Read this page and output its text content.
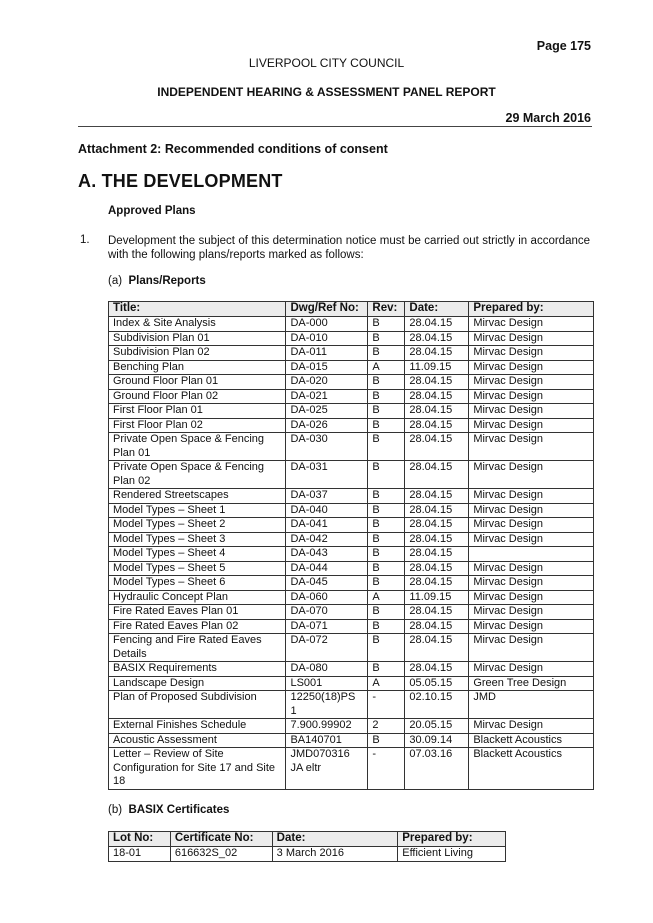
Page 175
LIVERPOOL CITY COUNCIL
INDEPENDENT HEARING & ASSESSMENT PANEL REPORT
29 March 2016
Attachment 2: Recommended conditions of consent
A. THE DEVELOPMENT
Approved Plans
1. Development the subject of this determination notice must be carried out strictly in accordance with the following plans/reports marked as follows:
(a) Plans/Reports
Title:	Dwg/Ref No:	Rev:	Date:	Prepared by:
Index & Site Analysis	DA-000	B	28.04.15	Mirvac Design
Subdivision Plan 01	DA-010	B	28.04.15	Mirvac Design
Subdivision Plan 02	DA-011	B	28.04.15	Mirvac Design
Benching Plan	DA-015	A	11.09.15	Mirvac Design
Ground Floor Plan 01	DA-020	B	28.04.15	Mirvac Design
Ground Floor Plan 02	DA-021	B	28.04.15	Mirvac Design
First Floor Plan 01	DA-025	B	28.04.15	Mirvac Design
First Floor Plan 02	DA-026	B	28.04.15	Mirvac Design
Private Open Space & Fencing Plan 01	DA-030	B	28.04.15	Mirvac Design
Private Open Space & Fencing Plan 02	DA-031	B	28.04.15	Mirvac Design
Rendered Streetscapes	DA-037	B	28.04.15	Mirvac Design
Model Types – Sheet 1	DA-040	B	28.04.15	Mirvac Design
Model Types – Sheet 2	DA-041	B	28.04.15	Mirvac Design
Model Types – Sheet 3	DA-042	B	28.04.15	Mirvac Design
Model Types – Sheet 4	DA-043	B	28.04.15	
Model Types – Sheet 5	DA-044	B	28.04.15	Mirvac Design
Model Types – Sheet 6	DA-045	B	28.04.15	Mirvac Design
Hydraulic Concept Plan	DA-060	A	11.09.15	Mirvac Design
Fire Rated Eaves Plan 01	DA-070	B	28.04.15	Mirvac Design
Fire Rated Eaves Plan 02	DA-071	B	28.04.15	Mirvac Design
Fencing and Fire Rated Eaves Details	DA-072	B	28.04.15	Mirvac Design
BASIX Requirements	DA-080	B	28.04.15	Mirvac Design
Landscape Design	LS001	A	05.05.15	Green Tree Design
Plan of Proposed Subdivision	12250(18)PS 1	-	02.10.15	JMD
External Finishes Schedule	7.900.99902	2	20.05.15	Mirvac Design
Acoustic Assessment	BA140701	B	30.09.14	Blackett Acoustics
Letter – Review of Site Configuration for Site 17 and Site 18	JMD070316 JA eltr	-	07.03.16	Blackett Acoustics
(b) BASIX Certificates
Lot No:	Certificate No:	Date:	Prepared by:
18-01	616632S_02	3 March 2016	Efficient Living
